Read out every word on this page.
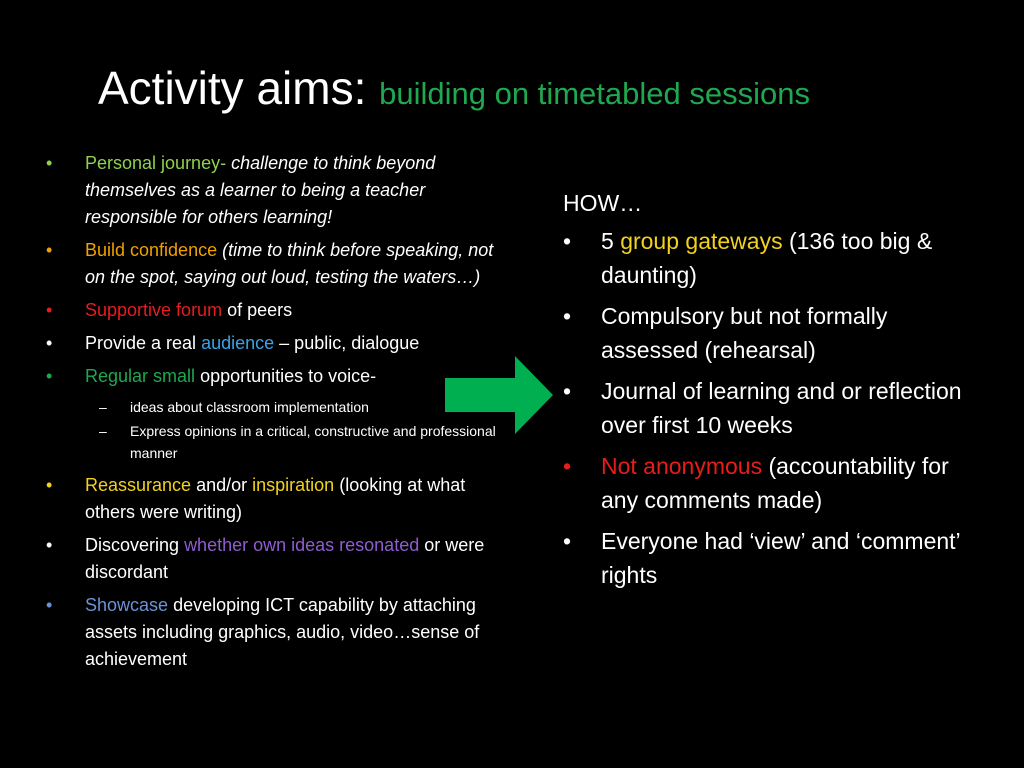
Activity aims: building on timetabled sessions
•	Personal journey- challenge to think beyond themselves as a learner to being a teacher responsible for others learning!
•	Build confidence (time to think before speaking, not on the spot, saying out loud, testing the waters…)
•	Supportive forum of peers
•	Provide a real audience – public, dialogue
•	Regular small opportunities to voice-
– ideas about classroom implementation
– Express opinions in a critical, constructive and professional manner
•	Reassurance and/or inspiration (looking at what others were writing)
•	Discovering whether own ideas resonated or were discordant
•	Showcase developing ICT capability by attaching assets including graphics, audio, video…sense of achievement
HOW…
• 5 group gateways (136 too big & daunting)
• Compulsory but not formally assessed (rehearsal)
• Journal of learning and or reflection over first 10 weeks
• Not anonymous (accountability for any comments made)
• Everyone had ‘view’ and ‘comment’ rights
